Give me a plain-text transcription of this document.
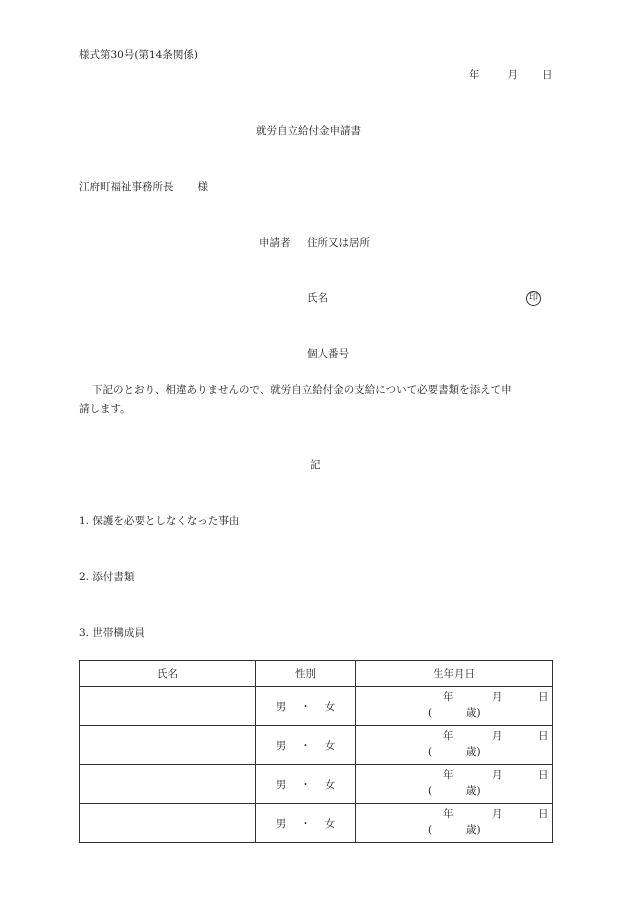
様式第30号(第14条関係)
年	月 日
就労自立給付金申請書
江府町福祉事務所長 様
申請者 住所又は居所
氏名	印
個人番号
下記のとおり、相違ありませんので、就労自立給付金の支給について必要書類を添えて申
請します。
記
1. 保護を必要としなくなった事由
2. 添付書類
3. 世帯構成員
氏名	性別	生年月日
	男 ・ 女	年 月 日
( 歳)

	男 ・ 女	年 月 日
( 歳)

	男 ・ 女	年 月 日
( 歳)

	男 ・ 女	年 月 日
( 歳)
